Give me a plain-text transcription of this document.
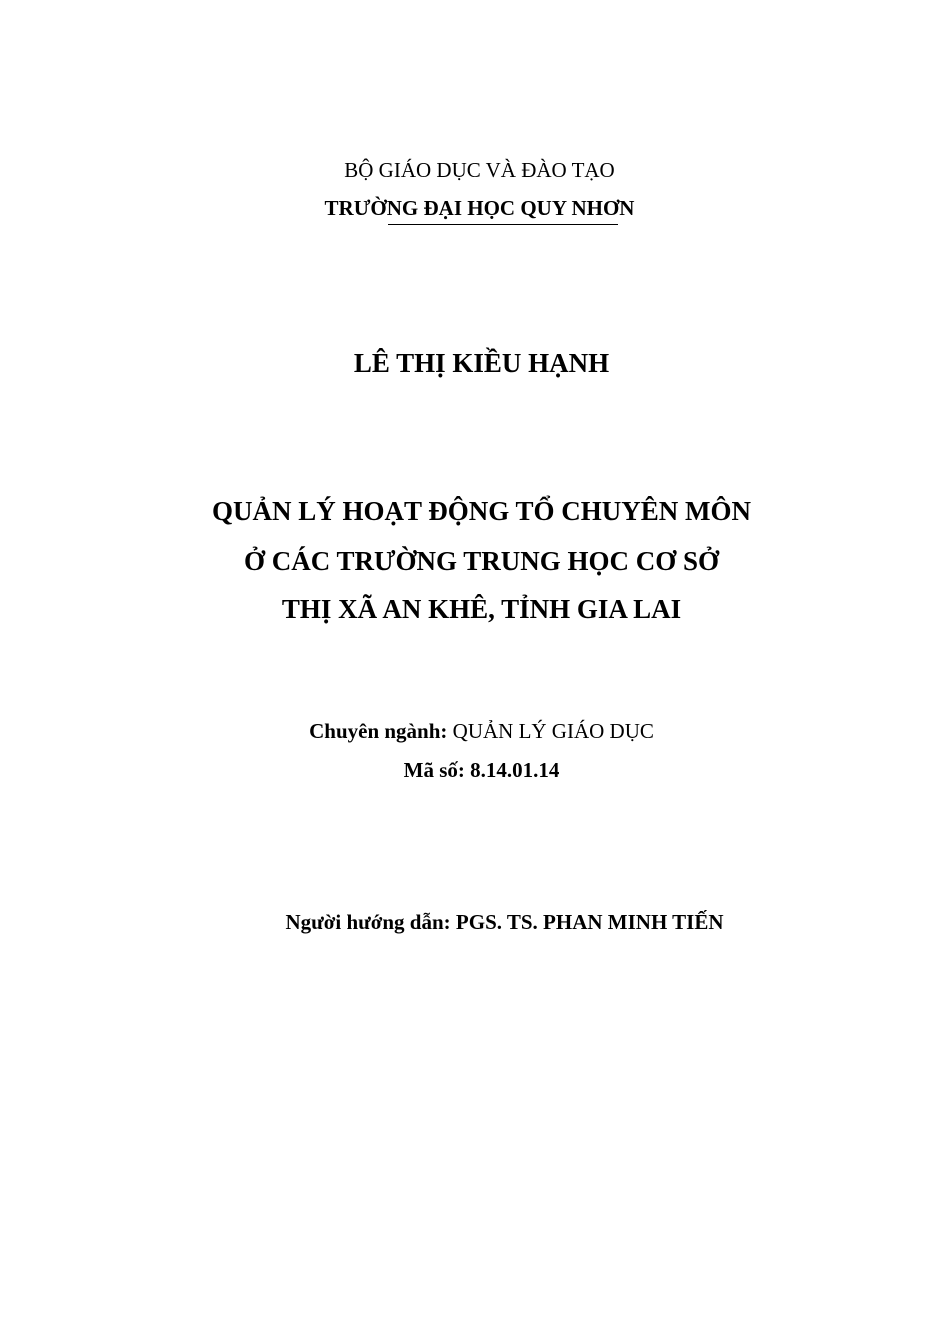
BỘ GIÁO DỤC VÀ ĐÀO TẠO
TRƯỜNG ĐẠI HỌC QUY NHƠN
LÊ THỊ KIỀU HẠNH
QUẢN LÝ HOẠT ĐỘNG TỔ CHUYÊN MÔN
Ở CÁC TRƯỜNG TRUNG HỌC CƠ SỞ
THỊ XÃ AN KHÊ, TỈNH GIA LAI
Chuyên ngành: QUẢN LÝ GIÁO DỤC
Mã số: 8.14.01.14
Người hướng dẫn: PGS. TS. PHAN MINH TIẾN
